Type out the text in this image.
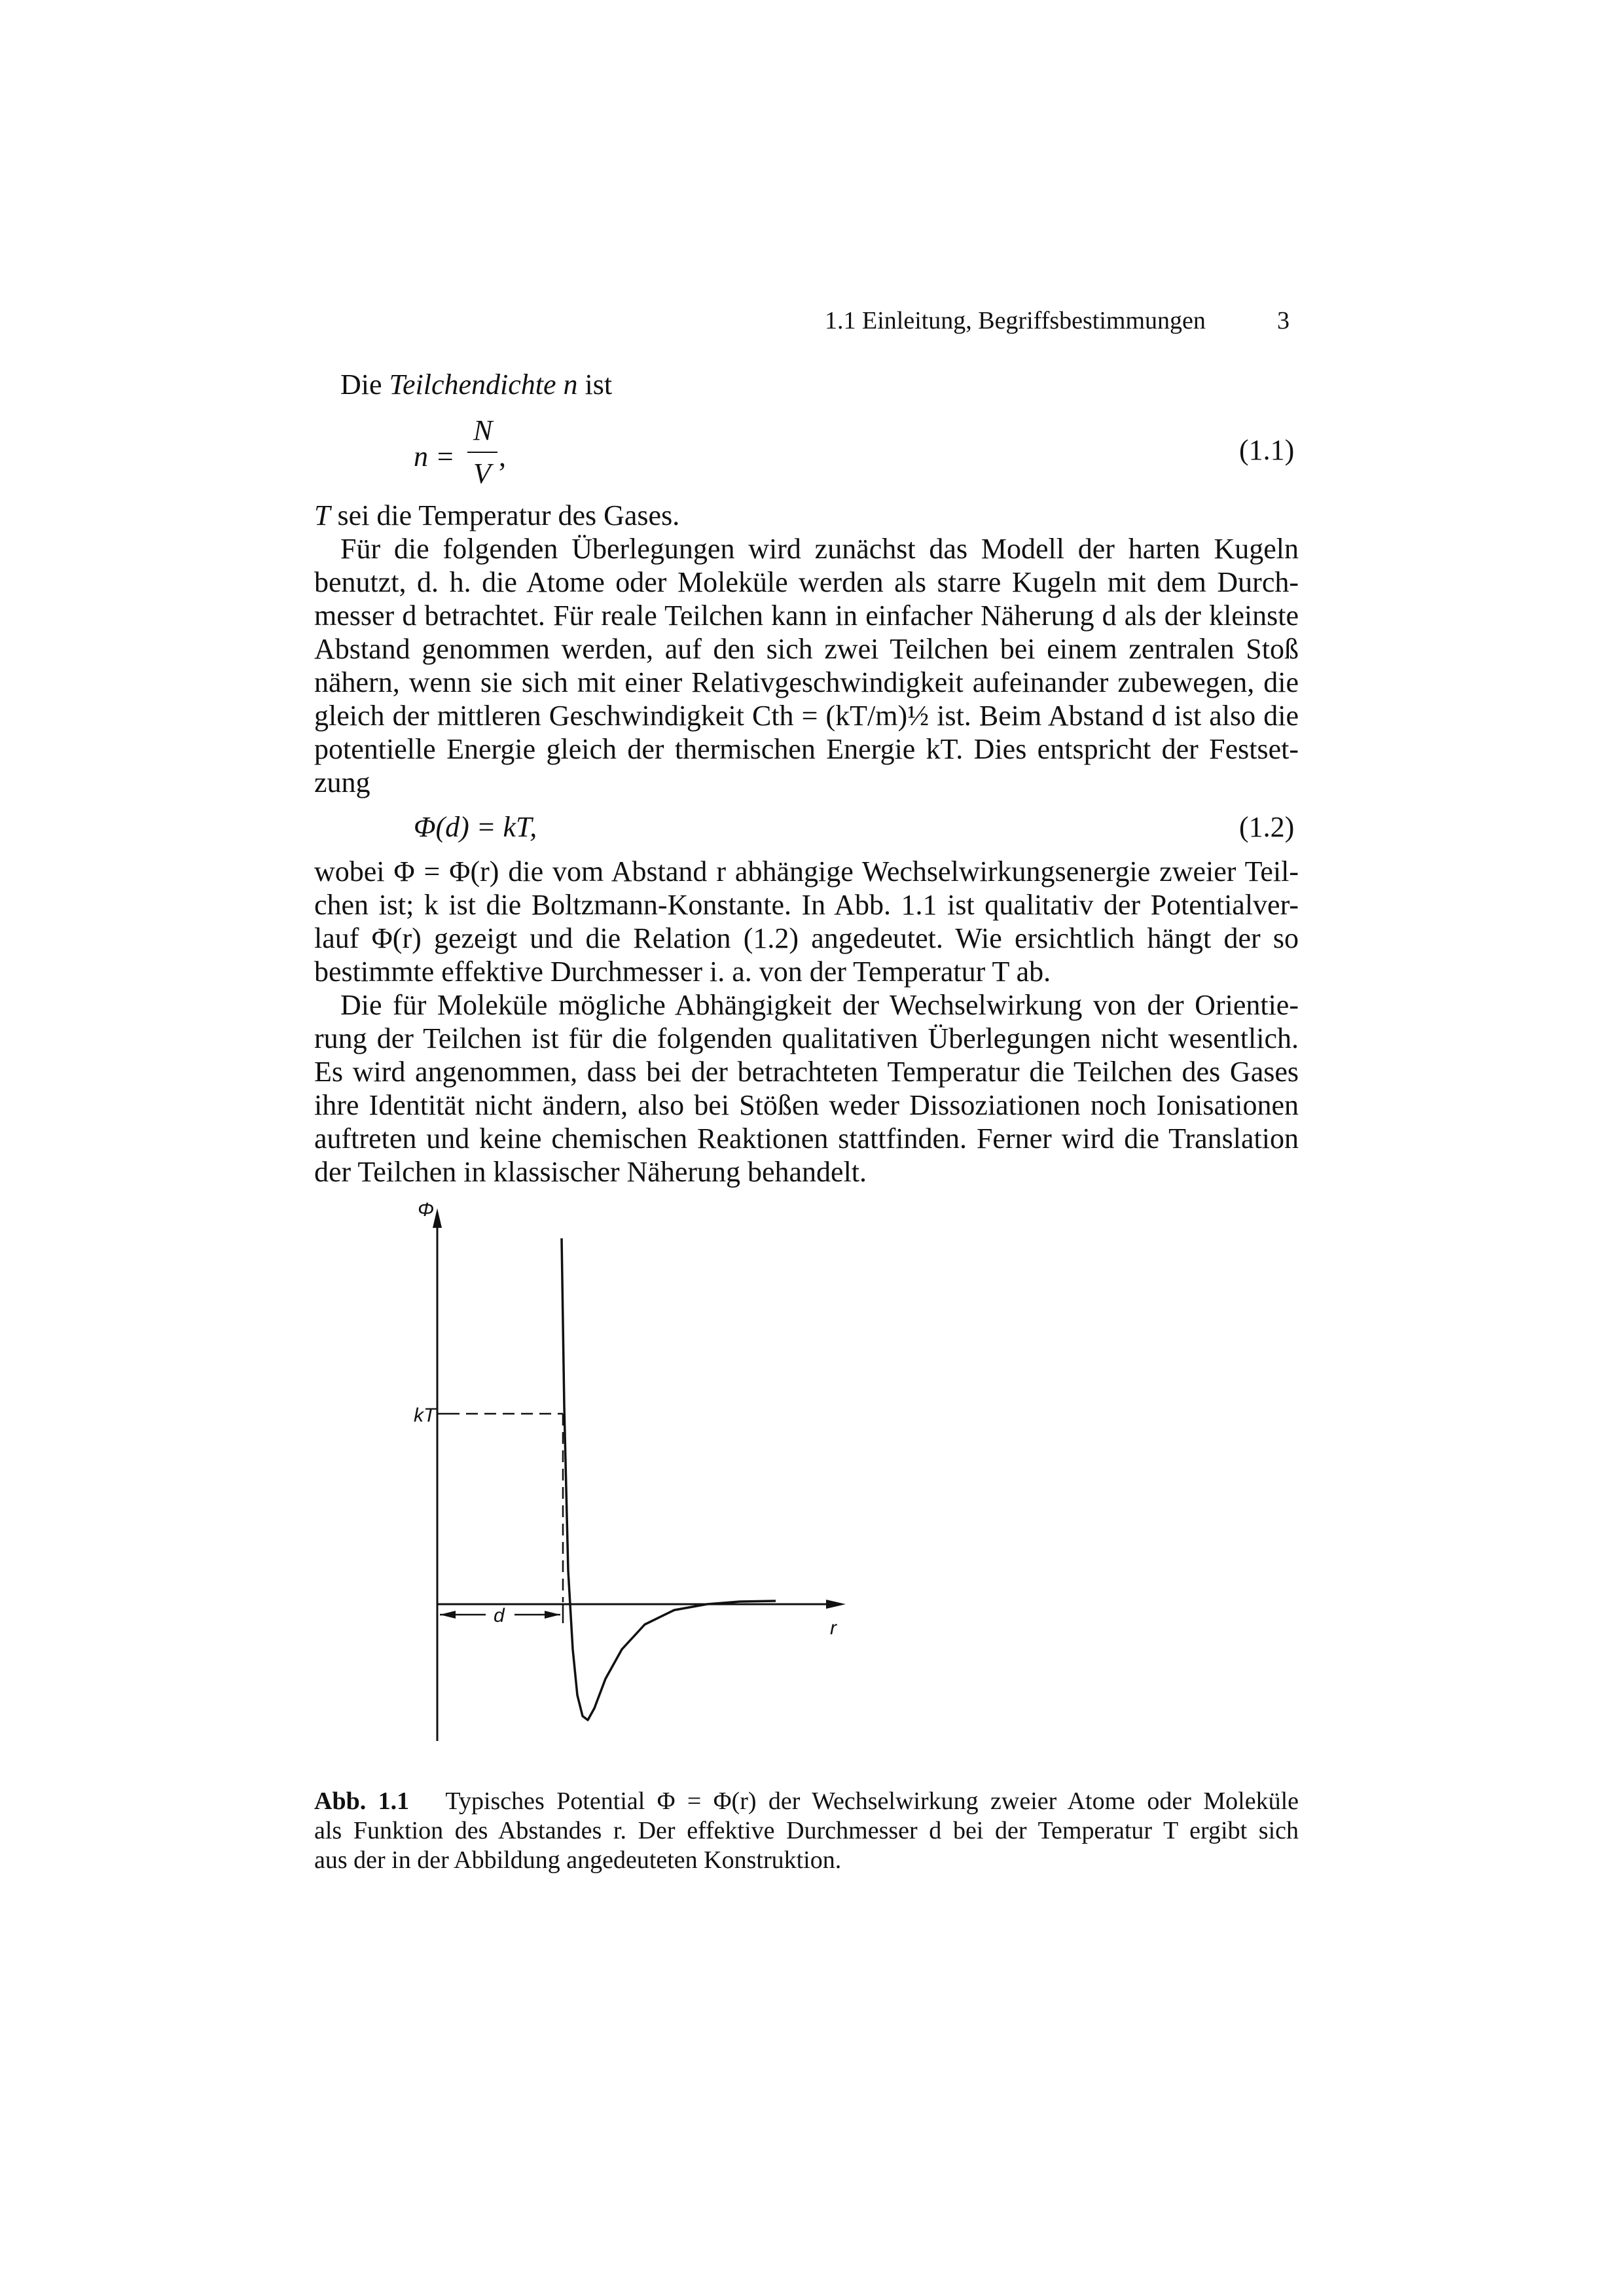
1.1 Einleitung, Begriffsbestimmungen	3
Die Teilchendichte n ist
n =
N
V
,	(1.1)
T sei die Temperatur des Gases.
Für die folgenden Überlegungen wird zunächst das Modell der harten Kugeln
benutzt, d. h. die Atome oder Moleküle werden als starre Kugeln mit dem Durch-
messer d betrachtet. Für reale Teilchen kann in einfacher Näherung d als der kleinste
Abstand genommen werden, auf den sich zwei Teilchen bei einem zentralen Stoß
nähern, wenn sie sich mit einer Relativgeschwindigkeit aufeinander zubewegen, die
gleich der mittleren Geschwindigkeit Cth = (kT/m)½ ist. Beim Abstand d ist also die
potentielle Energie gleich der thermischen Energie kT. Dies entspricht der Festset-
zung
Φ(d) = kT,	(1.2)
wobei Φ = Φ(r) die vom Abstand r abhängige Wechselwirkungsenergie zweier Teil-
chen ist; k ist die Boltzmann-Konstante. In Abb. 1.1 ist qualitativ der Potentialver-
lauf Φ(r) gezeigt und die Relation (1.2) angedeutet. Wie ersichtlich hängt der so
bestimmte effektive Durchmesser i. a. von der Temperatur T ab.
Die für Moleküle mögliche Abhängigkeit der Wechselwirkung von der Orientie-
rung der Teilchen ist für die folgenden qualitativen Überlegungen nicht wesentlich.
Es wird angenommen, dass bei der betrachteten Temperatur die Teilchen des Gases
ihre Identität nicht ändern, also bei Stößen weder Dissoziationen noch Ionisationen
auftreten und keine chemischen Reaktionen stattfinden. Ferner wird die Translation
der Teilchen in klassischer Näherung behandelt.
Φ
r
kT
d
Abb. 1.1 Typisches Potential Φ = Φ(r) der Wechselwirkung zweier Atome oder Moleküle
als Funktion des Abstandes r. Der effektive Durchmesser d bei der Temperatur T ergibt sich
aus der in der Abbildung angedeuteten Konstruktion.
